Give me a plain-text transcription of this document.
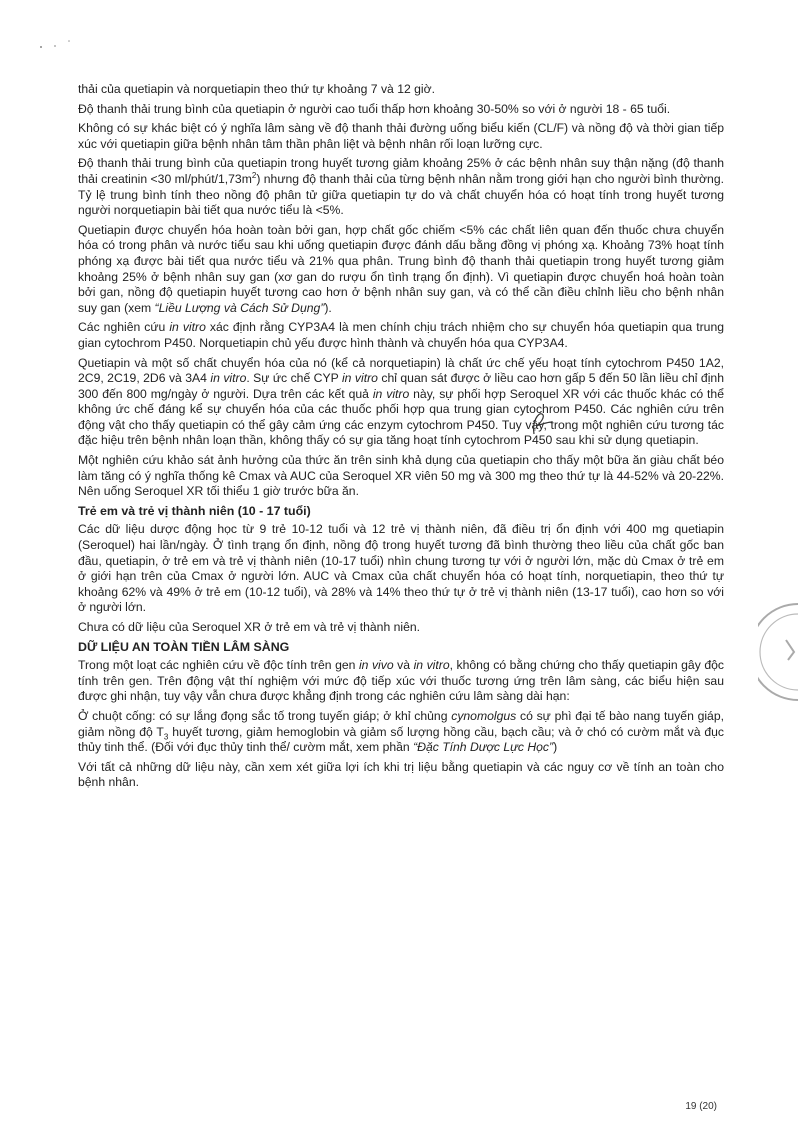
thải của quetiapin và norquetiapin theo thứ tự khoảng 7 và 12 giờ.

Độ thanh thải trung bình của quetiapin ở người cao tuổi thấp hơn khoảng 30-50% so với ở người 18 - 65 tuổi.

Không có sự khác biệt có ý nghĩa lâm sàng về độ thanh thải đường uống biểu kiến (CL/F) và nồng độ và thời gian tiếp xúc với quetiapin giữa bệnh nhân tâm thần phân liệt và bệnh nhân rối loạn lưỡng cực.

Độ thanh thải trung bình của quetiapin trong huyết tương giảm khoảng 25% ở các bệnh nhân suy thận nặng (độ thanh thải creatinin <30 $ml/phút/1,73m^2$) nhưng độ thanh thải của từng bệnh nhân nằm trong giới hạn cho người bình thường. Tỷ lệ trung bình tính theo nồng độ phân tử giữa quetiapin tự do và chất chuyển hóa có hoạt tính trong huyết tương người norquetiapin bài tiết qua nước tiểu là <5%.

Quetiapin được chuyển hóa hoàn toàn bởi gan, hợp chất gốc chiếm <5% các chất liên quan đến thuốc chưa chuyển hóa có trong phân và nước tiểu sau khi uống quetiapin được đánh dấu bằng đồng vị phóng xạ. Khoảng 73% hoạt tính phóng xạ được bài tiết qua nước tiểu và 21% qua phân. Trung bình độ thanh thải quetiapin trong huyết tương giảm khoảng 25% ở bệnh nhân suy gan (xơ gan do rượu ổn tình trạng ổn định). Vì quetiapin được chuyển hoá hoàn toàn bởi gan, nồng độ quetiapin huyết tương cao hơn ở bệnh nhân suy gan, và có thể cần điều chỉnh liều cho bệnh nhân suy gan (xem “Liều Lượng và Cách Sử Dụng”).

Các nghiên cứu in vitro xác định rằng CYP3A4 là men chính chịu trách nhiệm cho sự chuyển hóa quetiapin qua trung gian cytochrom P450. Norquetiapin chủ yếu được hình thành và chuyển hóa qua CYP3A4.

Quetiapin và một số chất chuyển hóa của nó (kể cả norquetiapin) là chất ức chế yếu hoạt tính cytochrom P450 1A2, 2C9, 2C19, 2D6 và 3A4 in vitro. Sự ức chế CYP in vitro chỉ quan sát được ở liều cao hơn gấp 5 đến 50 lần liều chỉ định 300 đến 800 mg/ngày ở người. Dựa trên các kết quả in vitro này, sự phối hợp Seroquel XR với các thuốc khác có thể không ức chế đáng kể sự chuyển hóa của các thuốc phối hợp qua trung gian cytochrom P450. Các nghiên cứu trên động vật cho thấy quetiapin có thể gây cảm ứng các enzym cytochrom P450. Tuy vậy, trong một nghiên cứu tương tác đặc hiệu trên bệnh nhân loạn thần, không thấy có sự gia tăng hoạt tính cytochrom P450 sau khi sử dụng quetiapin.

Một nghiên cứu khảo sát ảnh hưởng của thức ăn trên sinh khả dụng của quetiapin cho thấy một bữa ăn giàu chất béo làm tăng có ý nghĩa thống kê Cmax và AUC của Seroquel XR viên 50 mg và 300 mg theo thứ tự là 44-52% và 20-22%. Nên uống Seroquel XR tối thiểu 1 giờ trước bữa ăn.

Trẻ em và trẻ vị thành niên (10 - 17 tuổi)

Các dữ liệu dược động học từ 9 trẻ 10-12 tuổi và 12 trẻ vị thành niên, đã điều trị ổn định với 400 mg quetiapin (Seroquel) hai lần/ngày. Ở tình trạng ổn định, nồng độ trong huyết tương đã bình thường theo liều của chất gốc ban đầu, quetiapin, ở trẻ em và trẻ vị thành niên (10-17 tuổi) nhìn chung tương tự với ở người lớn, mặc dù Cmax ở trẻ em ở giới hạn trên của Cmax ở người lớn. AUC và Cmax của chất chuyển hóa có hoạt tính, norquetiapin, theo thứ tự khoảng 62% và 49% ở trẻ em (10-12 tuổi), và 28% và 14% theo thứ tự ở trẻ vị thành niên (13-17 tuổi), cao hơn so với ở người lớn.

Chưa có dữ liệu của Seroquel XR ở trẻ em và trẻ vị thành niên.

DỮ LIỆU AN TOÀN TIỀN LÂM SÀNG

Trong một loạt các nghiên cứu về độc tính trên gen in vivo và in vitro, không có bằng chứng cho thấy quetiapin gây độc tính trên gen. Trên động vật thí nghiệm với mức độ tiếp xúc với thuốc tương ứng trên lâm sàng, các biểu hiện sau được ghi nhận, tuy vậy vẫn chưa được khẳng định trong các nghiên cứu lâm sàng dài hạn:

Ở chuột cống: có sự lắng đọng sắc tố trong tuyến giáp; ở khỉ chủng cynomolgus có sự phì đại tế bào nang tuyến giáp, giảm nồng độ $T_3$ huyết tương, giảm hemoglobin và giảm số lượng hồng cầu, bạch cầu; và ở chó có cườm mắt và đục thủy tinh thể. (Đối với đục thủy tinh thể/ cườm mắt, xem phần “Đặc Tính Dược Lực Học”)

Với tất cả những dữ liệu này, cần xem xét giữa lợi ích khi trị liệu bằng quetiapin và các nguy cơ về tính an toàn cho bệnh nhân.

19 (20)
